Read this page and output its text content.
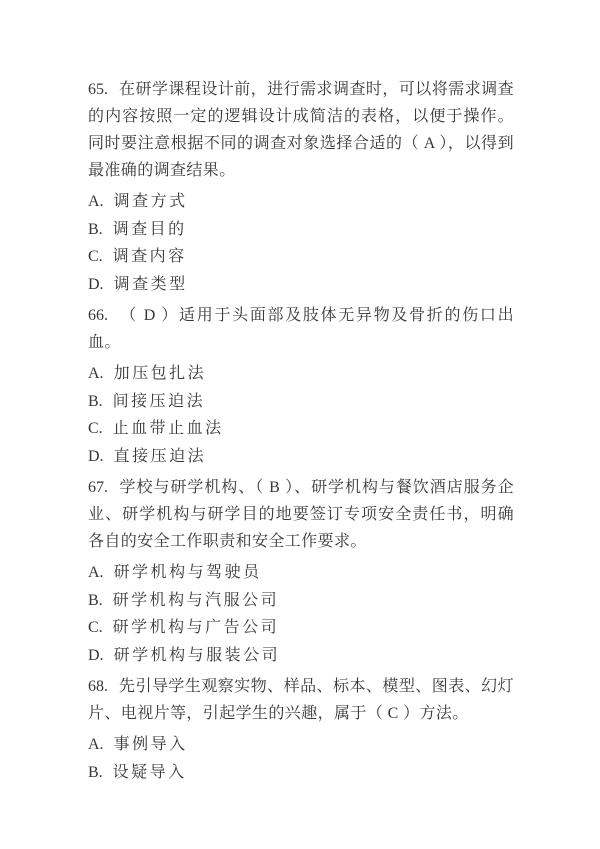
65. 在研学课程设计前，进行需求调查时，可以将需求调查的内容按照一定的逻辑设计成简洁的表格，以便于操作。同时要注意根据不同的调查对象选择合适的（ A ），以得到最准确的调查结果。

A. 调查方式

B. 调查目的

C. 调查内容

D. 调查类型

66. （ D ）适用于头面部及肢体无异物及骨折的伤口出血。

A. 加压包扎法

B. 间接压迫法

C. 止血带止血法

D. 直接压迫法

67. 学校与研学机构、（ B ）、研学机构与餐饮酒店服务企业、研学机构与研学目的地要签订专项安全责任书，明确各自的安全工作职责和安全工作要求。

A. 研学机构与驾驶员

B. 研学机构与汽服公司

C. 研学机构与广告公司

D. 研学机构与服装公司

68. 先引导学生观察实物、样品、标本、模型、图表、幻灯片、电视片等，引起学生的兴趣，属于（ C ）方法。

A. 事例导入

B. 设疑导入
